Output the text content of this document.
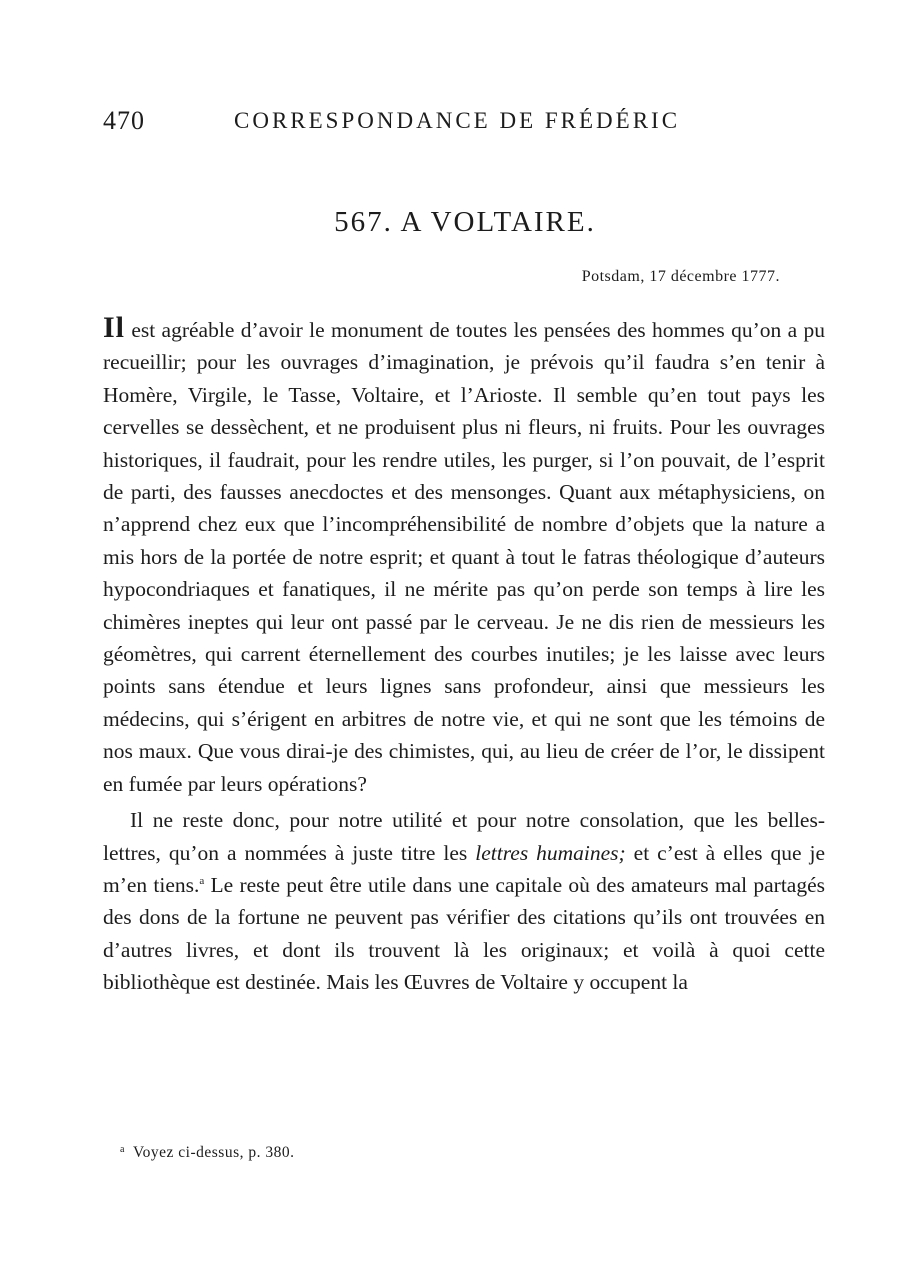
470	CORRESPONDANCE DE FRÉDÉRIC
567. A VOLTAIRE.
Potsdam, 17 décembre 1777.

Il est agréable d’avoir le monument de toutes les pensées des hommes qu’on a pu recueillir; pour les ouvrages d’imagination, je prévois qu’il faudra s’en tenir à Homère, Virgile, le Tasse, Voltaire, et l’Arioste. Il semble qu’en tout pays les cervelles se dessèchent, et ne produisent plus ni fleurs, ni fruits. Pour les ouvrages historiques, il faudrait, pour les rendre utiles, les purger, si l’on pouvait, de l’esprit de parti, des fausses anecdoctes et des mensonges. Quant aux métaphysiciens, on n’apprend chez eux que l’incompréhensibilité de nombre d’objets que la nature a mis hors de la portée de notre esprit; et quant à tout le fatras théologique d’auteurs hypocondriaques et fanatiques, il ne mérite pas qu’on perde son temps à lire les chimères ineptes qui leur ont passé par le cerveau. Je ne dis rien de messieurs les géomètres, qui carrent éternellement des courbes inutiles; je les laisse avec leurs points sans étendue et leurs lignes sans profondeur, ainsi que messieurs les médecins, qui s’érigent en arbitres de notre vie, et qui ne sont que les témoins de nos maux. Que vous dirai-je des chimistes, qui, au lieu de créer de l’or, le dissipent en fumée par leurs opérations?

Il ne reste donc, pour notre utilité et pour notre consolation, que les belles-lettres, qu’on a nommées à juste titre les lettres humaines; et c’est à elles que je m’en tiens.$^a$ Le reste peut être utile dans une capitale où des amateurs mal partagés des dons de la fortune ne peuvent pas vérifier des citations qu’ils ont trouvées en d’autres livres, et dont ils trouvent là les originaux; et voilà à quoi cette bibliothèque est destinée. Mais les Œuvres de Voltaire y occupent la

$^a$ Voyez ci-dessus, p. 380.
